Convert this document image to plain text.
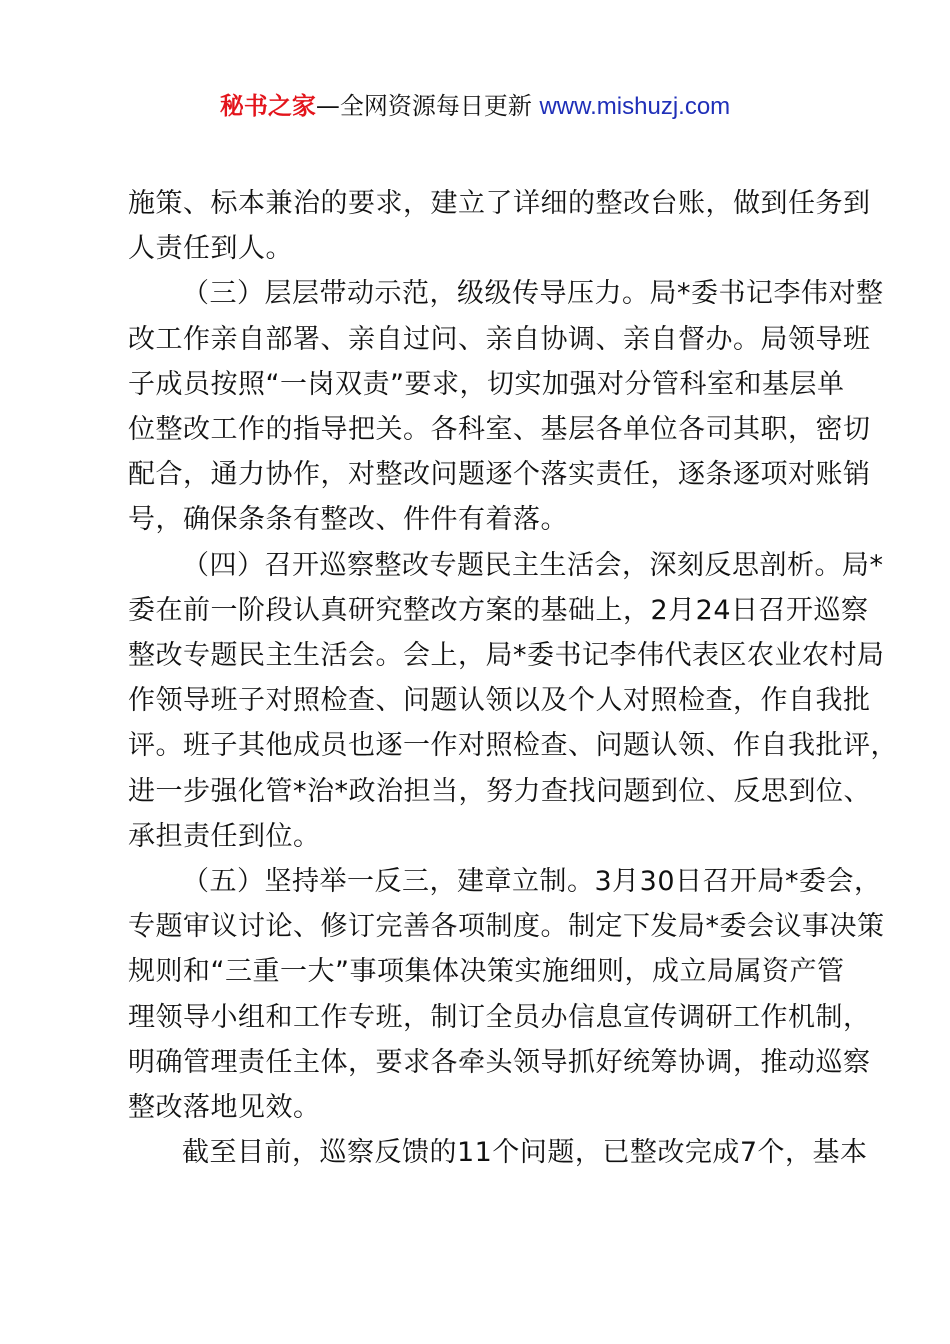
秘书之家—全网资源每日更新 www.mishuzj.com

施策、标本兼治的要求，建立了详细的整改台账，做到任务到
人责任到人。

（三）层层带动示范，级级传导压力。局*委书记李伟对整
改工作亲自部署、亲自过问、亲自协调、亲自督办。局领导班
子成员按照“一岗双责”要求，切实加强对分管科室和基层单
位整改工作的指导把关。各科室、基层各单位各司其职，密切
配合，通力协作，对整改问题逐个落实责任，逐条逐项对账销
号，确保条条有整改、件件有着落。

（四）召开巡察整改专题民主生活会，深刻反思剖析。局*
委在前一阶段认真研究整改方案的基础上，2月24日召开巡察
整改专题民主生活会。会上，局*委书记李伟代表区农业农村局
作领导班子对照检查、问题认领以及个人对照检查，作自我批
评。班子其他成员也逐一作对照检查、问题认领、作自我批评，
进一步强化管*治*政治担当，努力查找问题到位、反思到位、
承担责任到位。

（五）坚持举一反三，建章立制。3月30日召开局*委会，
专题审议讨论、修订完善各项制度。制定下发局*委会议事决策
规则和“三重一大”事项集体决策实施细则，成立局属资产管
理领导小组和工作专班，制订全员办信息宣传调研工作机制，
明确管理责任主体，要求各牵头领导抓好统筹协调，推动巡察
整改落地见效。

截至目前，巡察反馈的11个问题，已整改完成7个，基本
